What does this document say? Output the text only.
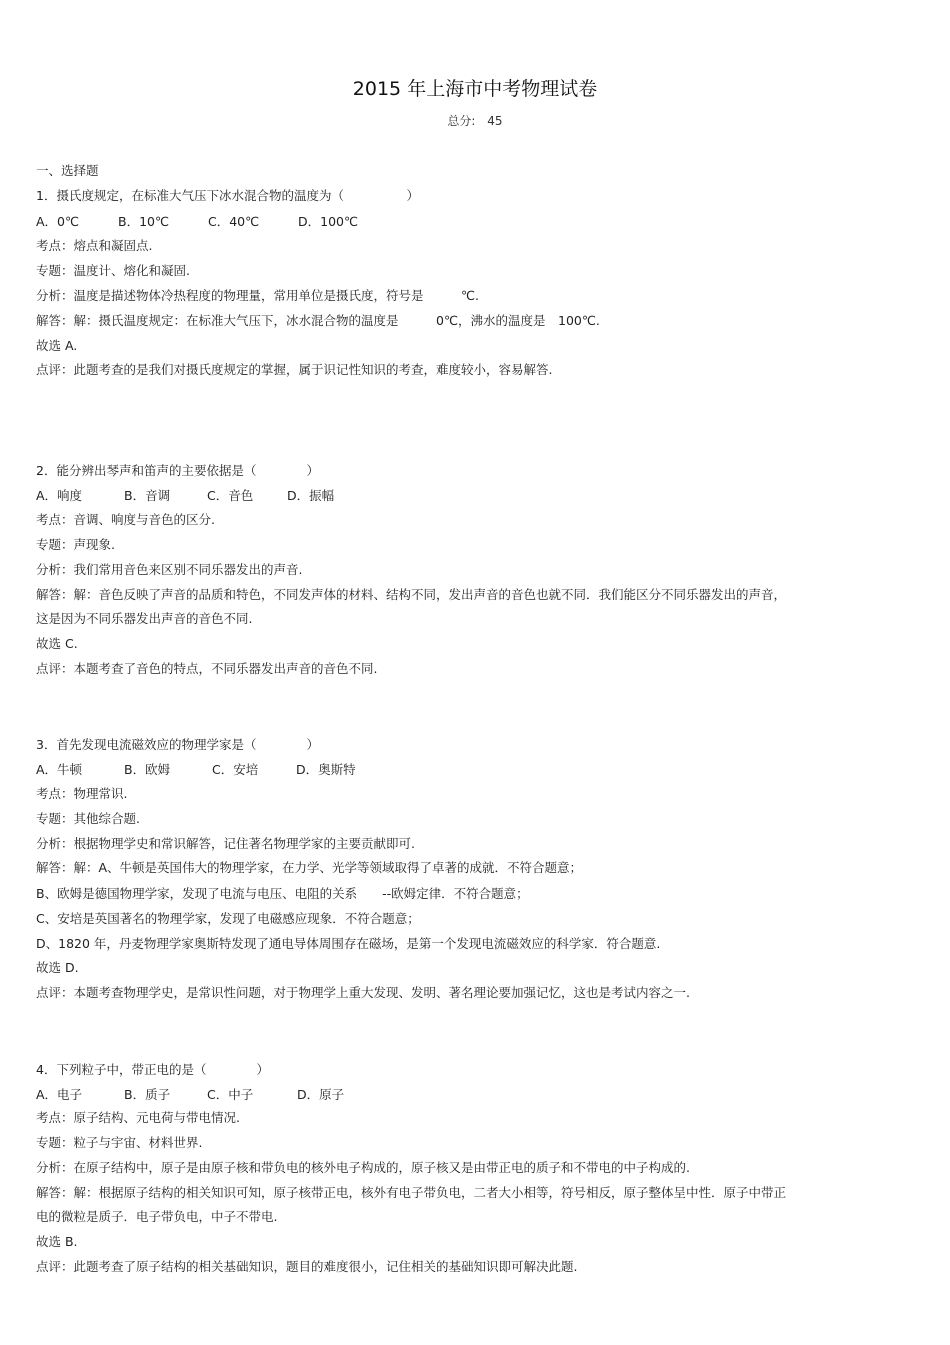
2015 年上海市中考物理试卷
总分: 45
一、选择题
1．摄氏度规定，在标准大气压下冰水混合物的温度为（　　　　　）
A．0℃	B．10℃	C．40℃	D．100℃
考点：熔点和凝固点.
专题：温度计、熔化和凝固.
分析：温度是描述物体冷热程度的物理量，常用单位是摄氏度，符号是　　　℃.
解答：解：摄氏温度规定：在标准大气压下，冰水混合物的温度是　　　0℃，沸水的温度是　100℃.
故选 A.
点评：此题考查的是我们对摄氏度规定的掌握，属于识记性知识的考查，难度较小，容易解答.
2．能分辨出琴声和笛声的主要依据是（　　　　）
A．响度	B．音调	C．音色	D．振幅
考点：音调、响度与音色的区分.
专题：声现象.
分析：我们常用音色来区别不同乐器发出的声音.
解答：解：音色反映了声音的品质和特色，不同发声体的材料、结构不同，发出声音的音色也就不同．我们能区分不同乐器发出的声音，
这是因为不同乐器发出声音的音色不同.
故选 C.
点评：本题考查了音色的特点，不同乐器发出声音的音色不同.
3．首先发现电流磁效应的物理学家是（　　　　）
A．牛顿	B．欧姆	C．安培	D．奥斯特
考点：物理常识.
专题：其他综合题.
分析：根据物理学史和常识解答，记住著名物理学家的主要贡献即可.
解答：解：A、牛顿是英国伟大的物理学家，在力学、光学等领域取得了卓著的成就．不符合题意；
B、欧姆是德国物理学家，发现了电流与电压、电阻的关系　　--欧姆定律．不符合题意；
C、安培是英国著名的物理学家，发现了电磁感应现象．不符合题意；
D、1820 年，丹麦物理学家奥斯特发现了通电导体周围存在磁场，是第一个发现电流磁效应的科学家．符合题意.
故选 D.
点评：本题考查物理学史，是常识性问题，对于物理学上重大发现、发明、著名理论要加强记忆，这也是考试内容之一.
4．下列粒子中，带正电的是（　　　　）
A．电子	B．质子	C．中子	D．原子
考点：原子结构、元电荷与带电情况.
专题：粒子与宇宙、材料世界.
分析：在原子结构中，原子是由原子核和带负电的核外电子构成的，原子核又是由带正电的质子和不带电的中子构成的.
解答：解：根据原子结构的相关知识可知，原子核带正电，核外有电子带负电，二者大小相等，符号相反，原子整体呈中性．原子中带正
电的微粒是质子．电子带负电，中子不带电.
故选 B.
点评：此题考查了原子结构的相关基础知识，题目的难度很小，记住相关的基础知识即可解决此题.
